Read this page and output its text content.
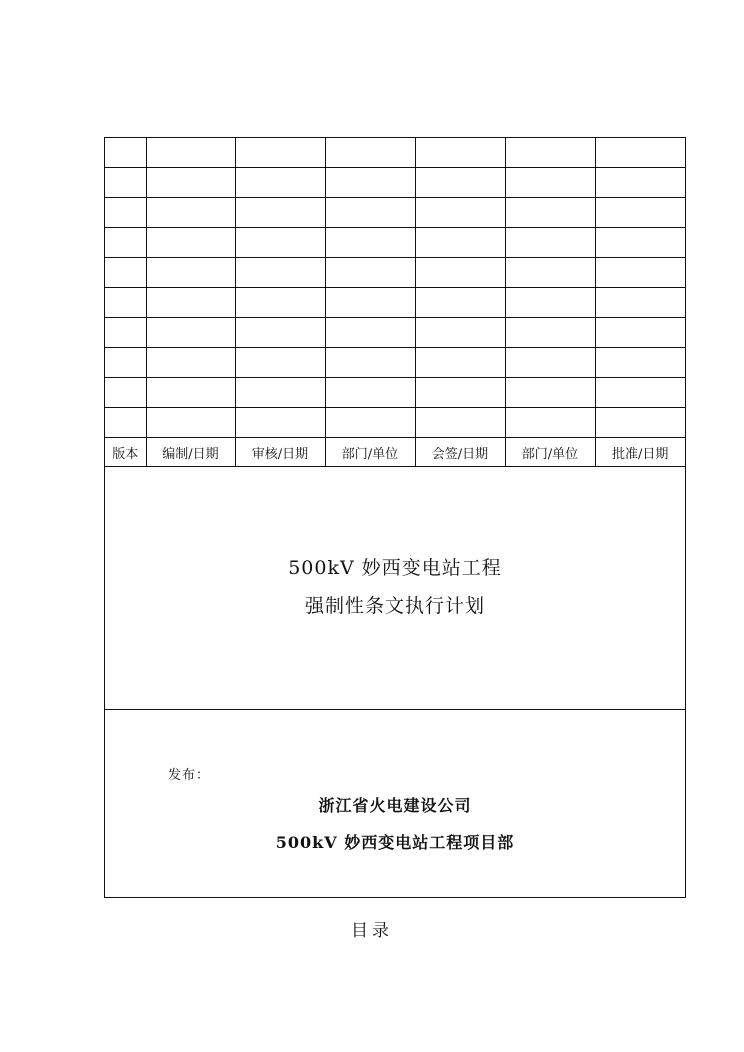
版本	编制/日期	审核/日期	部门/单位	会签/日期	部门/单位	批准/日期
500kV 妙西变电站工程
强制性条文执行计划
发布：
浙江省火电建设公司
500kV 妙西变电站工程项目部
目录
